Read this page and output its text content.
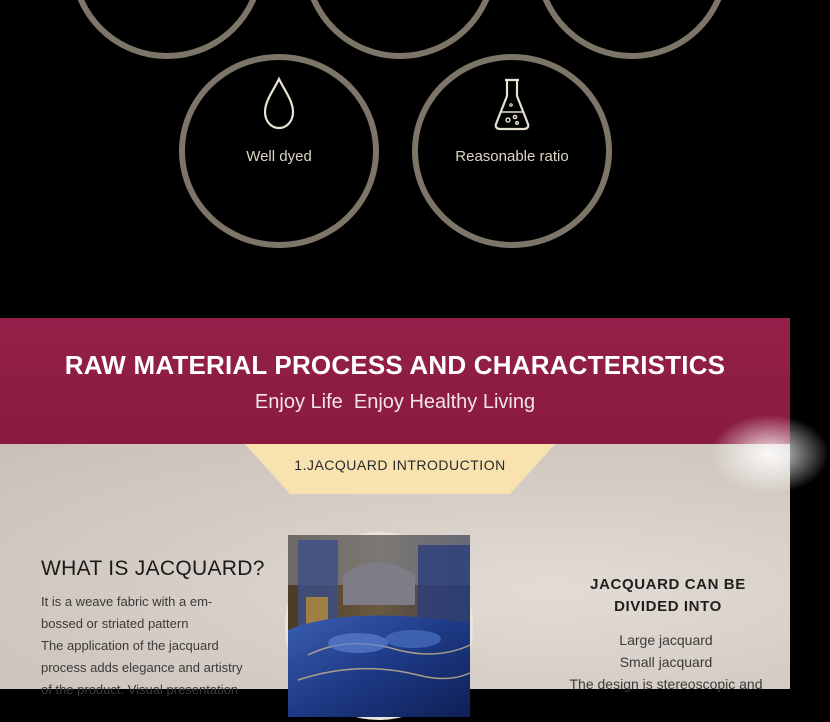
Well dyed	Reasonable ratio
RAW MATERIAL PROCESS AND CHARACTERISTICS
Enjoy Life  Enjoy Healthy Living
1.JACQUARD INTRODUCTION
WHAT IS JACQUARD?

It is a weave fabric with a em-

bossed or striated pattern

The application of the jacquard

process adds elegance and artistry

of the product. Visual presentation

JACQUARD CAN BE
DIVIDED INTO
Large jacquard
Small jacquard
The design is stereoscopic and
